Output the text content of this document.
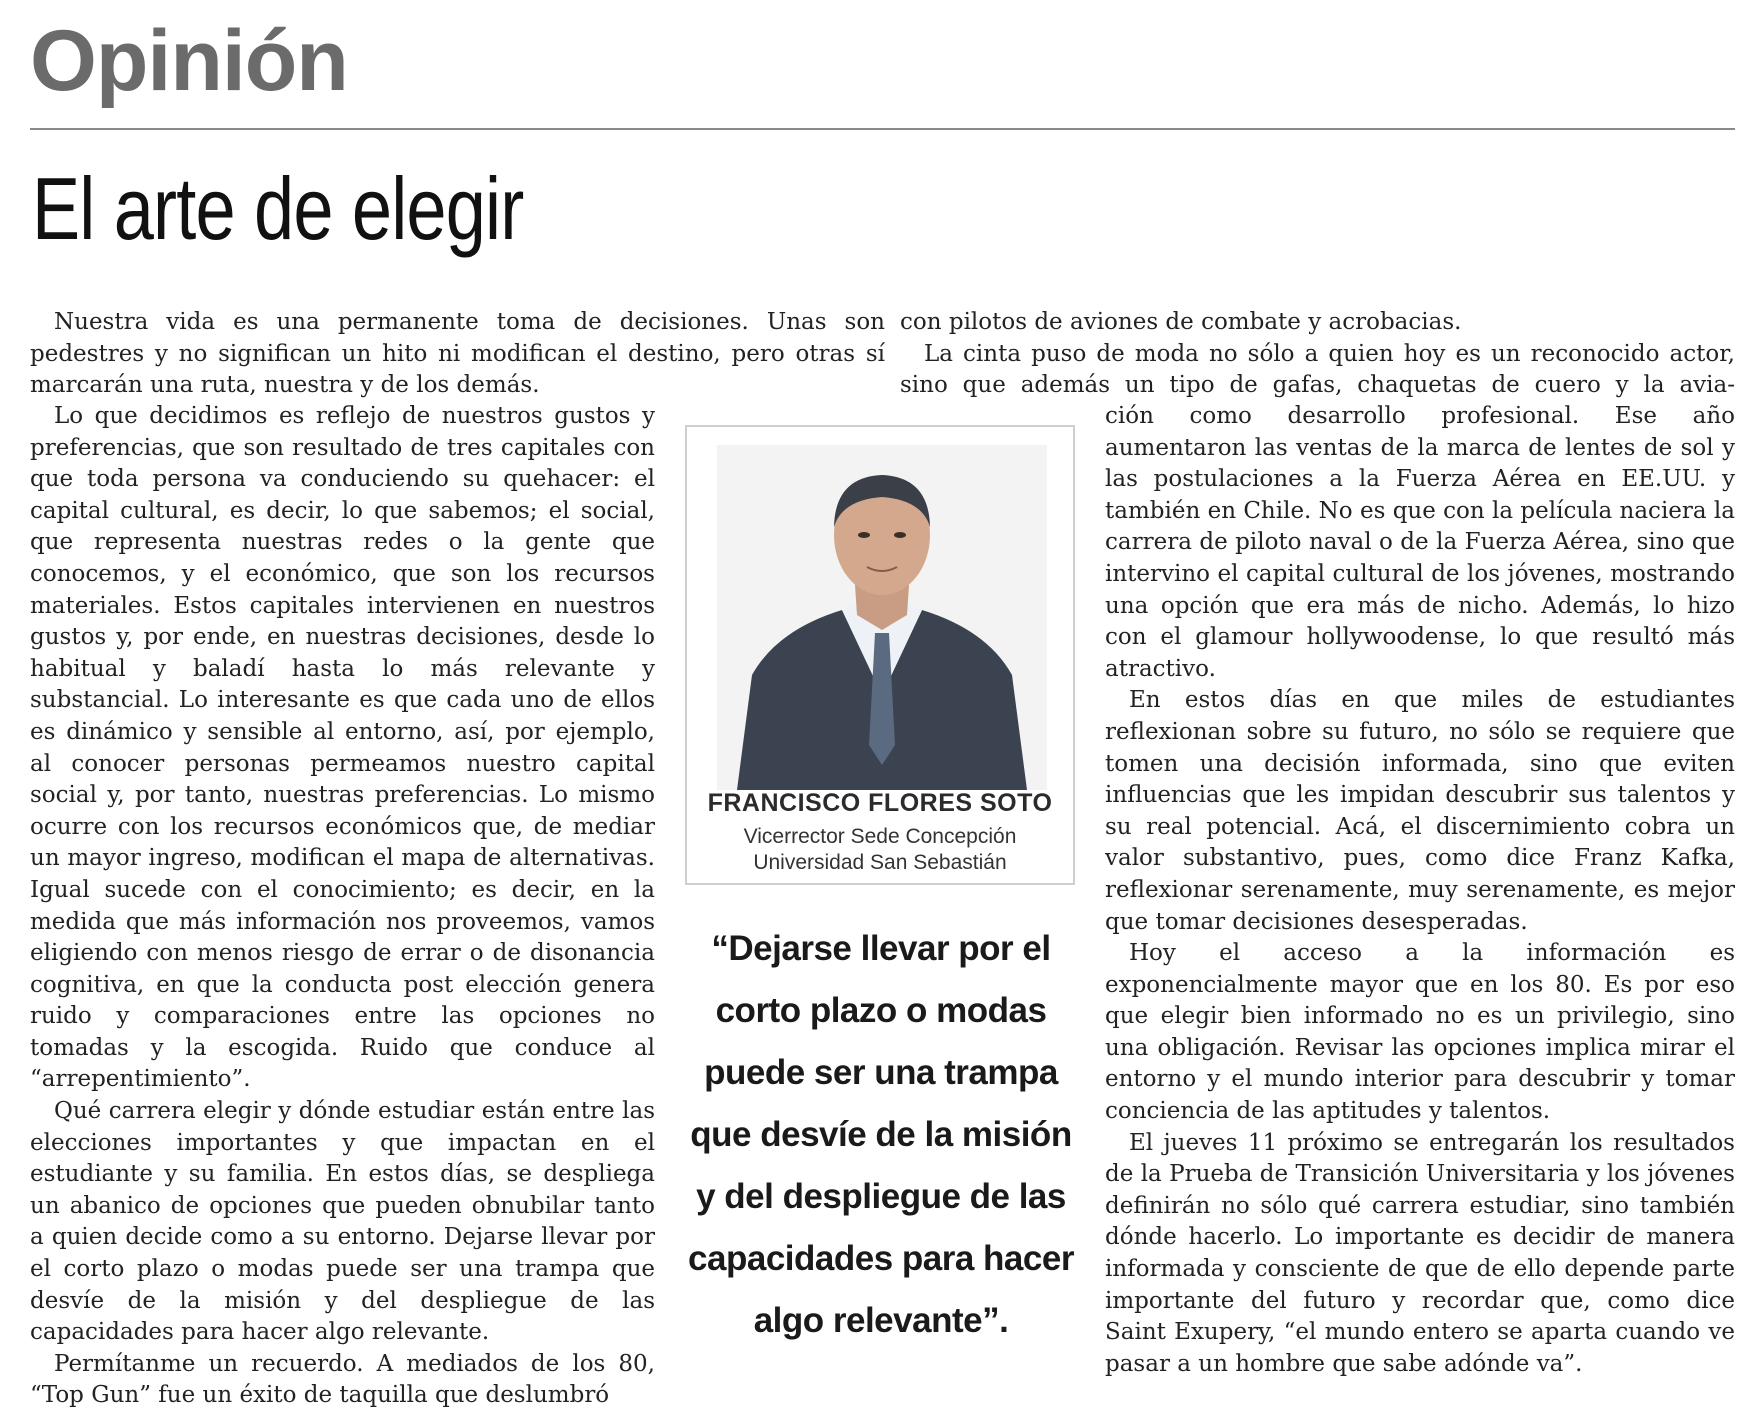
Opinión
El arte de elegir

Nuestra vida es una permanente toma de decisiones. Unas son pedestres y no significan un hito ni modifican el destino, pero otras sí marcarán una ruta, nuestra y de los demás.

con pilotos de aviones de combate y acrobacias.

La cinta puso de moda no sólo a quien hoy es un reconocido actor, sino que además un tipo de gafas, chaquetas de cuero y la avia-

Lo que decidimos es reflejo de nuestros gustos y preferencias, que son resultado de tres capitales con que toda persona va conduciendo su quehacer: el capital cultural, es decir, lo que sabemos; el social, que representa nuestras redes o la gente que conocemos, y el económico, que son los recursos materiales. Estos capitales intervienen en nuestros gustos y, por ende, en nuestras decisiones, desde lo habitual y baladí hasta lo más relevante y substancial. Lo interesante es que cada uno de ellos es dinámico y sensible al entorno, así, por ejemplo, al conocer personas permeamos nuestro capital social y, por tanto, nuestras preferencias. Lo mismo ocurre con los recursos económicos que, de mediar un mayor ingreso, modifican el mapa de alternativas. Igual sucede con el conocimiento; es decir, en la medida que más información nos proveemos, vamos eligiendo con menos riesgo de errar o de disonancia cognitiva, en que la conducta post elección genera ruido y comparaciones entre las opciones no tomadas y la escogida. Ruido que conduce al “arrepentimiento”.

Qué carrera elegir y dónde estudiar están entre las elecciones importantes y que impactan en el estudiante y su familia. En estos días, se despliega un abanico de opciones que pueden obnubilar tanto a quien decide como a su entorno. Dejarse llevar por el corto plazo o modas puede ser una trampa que desvíe de la misión y del despliegue de las capacidades para hacer algo relevante.

Permítanme un recuerdo. A mediados de los 80, “Top Gun” fue un éxito de taquilla que deslumbró

FRANCISCO FLORES SOTO
Vicerrector Sede Concepción
Universidad San Sebastián
“Dejarse llevar por el corto plazo o modas puede ser una trampa que desvíe de la misión y del despliegue de las capacidades para hacer algo relevante”.

ción como desarrollo profesional. Ese año aumentaron las ventas de la marca de lentes de sol y las postulaciones a la Fuerza Aérea en EE.UU. y también en Chile. No es que con la película naciera la carrera de piloto naval o de la Fuerza Aérea, sino que intervino el capital cultural de los jóvenes, mostrando una opción que era más de nicho. Además, lo hizo con el glamour hollywoodense, lo que resultó más atractivo.

En estos días en que miles de estudiantes reflexionan sobre su futuro, no sólo se requiere que tomen una decisión informada, sino que eviten influencias que les impidan descubrir sus talentos y su real potencial. Acá, el discernimiento cobra un valor substantivo, pues, como dice Franz Kafka, reflexionar serenamente, muy serenamente, es mejor que tomar decisiones desesperadas.

Hoy el acceso a la información es exponencialmente mayor que en los 80. Es por eso que elegir bien informado no es un privilegio, sino una obligación. Revisar las opciones implica mirar el entorno y el mundo interior para descubrir y tomar conciencia de las aptitudes y talentos.

El jueves 11 próximo se entregarán los resultados de la Prueba de Transición Universitaria y los jóvenes definirán no sólo qué carrera estudiar, sino también dónde hacerlo. Lo importante es decidir de manera informada y consciente de que de ello depende parte importante del futuro y recordar que, como dice Saint Exupery, “el mundo entero se aparta cuando ve pasar a un hombre que sabe adónde va”.
